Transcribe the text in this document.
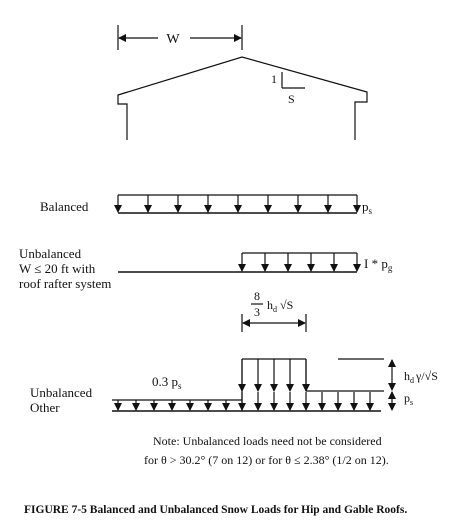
W
1
S
Balanced	$p_s$
Unbalanced
W ≤ 20 ft with
roof rafter system
I * $p_g$
8
3 $h_d$ √S
Unbalanced
Other
0.3 $p_s$
$h_d$ γ/√S
$p_s$
Note: Unbalanced loads need not be considered
for θ > 30.2° (7 on 12) or for θ ≤ 2.38° (1/2 on 12).
FIGURE 7-5 Balanced and Unbalanced Snow Loads for Hip and Gable Roofs.
